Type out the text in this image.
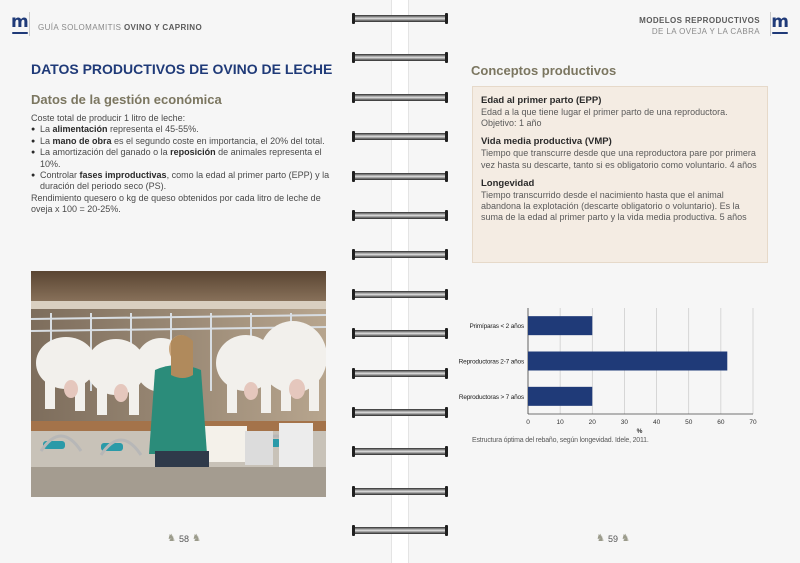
m GUÍA SOLOMAMITIS OVINO Y CAPRINO
DATOS PRODUCTIVOS DE OVINO DE LECHE
Datos de la gestión económica

Coste total de producir 1 litro de leche:

● La alimentación representa el 45-55%.

● La mano de obra es el segundo coste en importancia, el 20% del total.

● La amortización del ganado o la reposición de animales representa el 10%.

● Controlar fases improductivas, como la edad al primer parto (EPP) y la duración del periodo seco (PS).

Rendimiento quesero o kg de queso obtenidos por cada litro de leche de oveja x 100 = 20-25%.

♞ 58 ♞
m
MODELOS REPRODUCTIVOS
DE LA OVEJA Y LA CABRA
Conceptos productivos
Edad al primer parto (EPP)

Edad a la que tiene lugar el primer parto de una reproductora. Objetivo: 1 año

Vida media productiva (VMP)

Tiempo que transcurre desde que una reproductora pare por primera vez hasta su descarte, tanto si es obligatorio como voluntario. 4 años

Longevidad

Tiempo transcurrido desde el nacimiento hasta que el animal abandona la explotación (descarte obligatorio o voluntario). Es la suma de la edad al primer parto y la vida media productiva. 5 años

0	10	20	30	40	50	60	70
Primíparas < 2 años
Reproductoras 2-7 años
Reproductoras > 7 años
%
Estructura óptima del rebaño, según longevidad. Idele, 2011.
♞ 59 ♞
